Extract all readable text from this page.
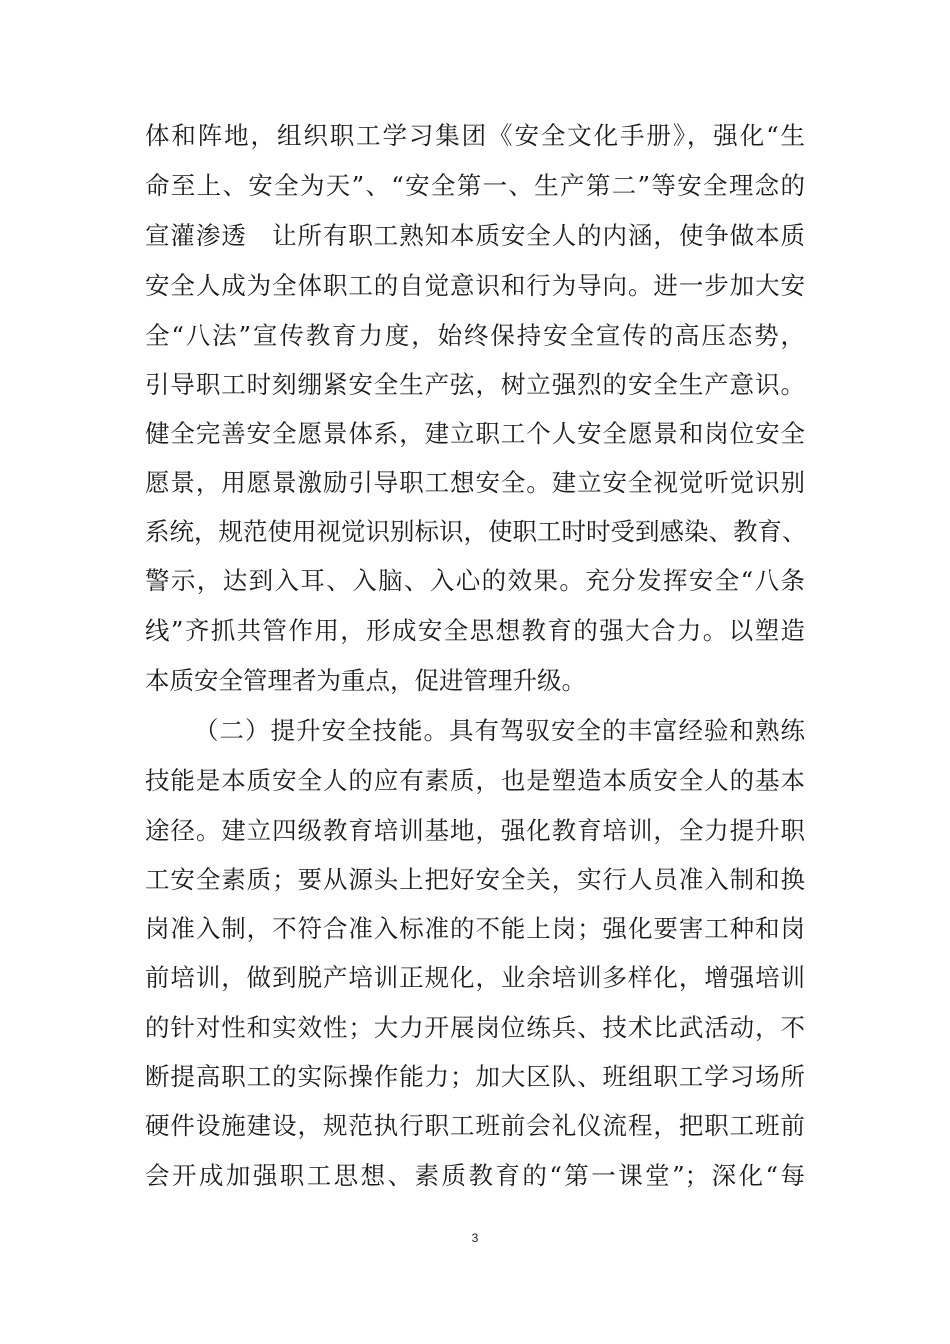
体和阵地，组织职工学习集团《安全文化手册》，强化“生
命至上、安全为天”、“安全第一、生产第二”等安全理念的
宣灌渗透　让所有职工熟知本质安全人的内涵，使争做本质
安全人成为全体职工的自觉意识和行为导向。进一步加大安
全“八法”宣传教育力度，始终保持安全宣传的高压态势，
引导职工时刻绷紧安全生产弦，树立强烈的安全生产意识。
健全完善安全愿景体系，建立职工个人安全愿景和岗位安全
愿景，用愿景激励引导职工想安全。建立安全视觉听觉识别
系统，规范使用视觉识别标识，使职工时时受到感染、教育、
警示，达到入耳、入脑、入心的效果。充分发挥安全“八条
线”齐抓共管作用，形成安全思想教育的强大合力。以塑造
本质安全管理者为重点，促进管理升级。
（二）提升安全技能。具有驾驭安全的丰富经验和熟练
技能是本质安全人的应有素质，也是塑造本质安全人的基本
途径。建立四级教育培训基地，强化教育培训，全力提升职
工安全素质；要从源头上把好安全关，实行人员准入制和换
岗准入制，不符合准入标准的不能上岗；强化要害工种和岗
前培训，做到脱产培训正规化，业余培训多样化，增强培训
的针对性和实效性；大力开展岗位练兵、技术比武活动，不
断提高职工的实际操作能力；加大区队、班组职工学习场所
硬件设施建设，规范执行职工班前会礼仪流程，把职工班前
会开成加强职工思想、素质教育的“第一课堂”；深化“每
3
